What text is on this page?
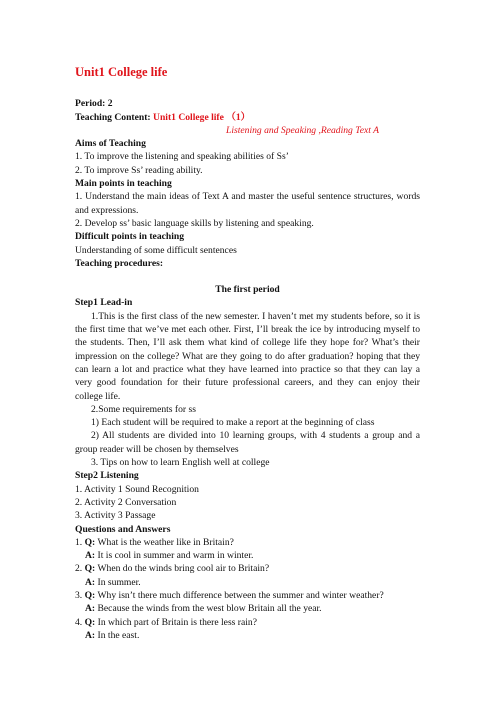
Unit1 College life

Period: 2

Teaching Content: Unit1 College life （1）

Listening and Speaking ,Reading Text A

Aims of Teaching

1. To improve the listening and speaking abilities of Ss’

2. To improve Ss’ reading ability.

Main points in teaching

1. Understand the main ideas of Text A and master the useful sentence structures, words and expressions.

2. Develop ss’ basic language skills by listening and speaking.

Difficult points in teaching

Understanding of some difficult sentences

Teaching procedures:

The first period

Step1 Lead-in

1.This is the first class of the new semester. I haven’t met my students before, so it is the first time that we’ve met each other. First, I’ll break the ice by introducing myself to the students. Then, I’ll ask them what kind of college life they hope for? What’s their impression on the college? What are they going to do after graduation? hoping that they can learn a lot and practice what they have learned into practice so that they can lay a very good foundation for their future professional careers, and they can enjoy their college life.

2.Some requirements for ss

1) Each student will be required to make a report at the beginning of class

2) All students are divided into 10 learning groups, with 4 students a group and a group reader will be chosen by themselves

3. Tips on how to learn English well at college

Step2 Listening

1. Activity 1 Sound Recognition

2. Activity 2 Conversation

3. Activity 3 Passage

Questions and Answers

1. Q: What is the weather like in Britain?

A: It is cool in summer and warm in winter.

2. Q: When do the winds bring cool air to Britain?

A: In summer.

3. Q: Why isn’t there much difference between the summer and winter weather?

A: Because the winds from the west blow Britain all the year.

4. Q: In which part of Britain is there less rain?

A: In the east.
